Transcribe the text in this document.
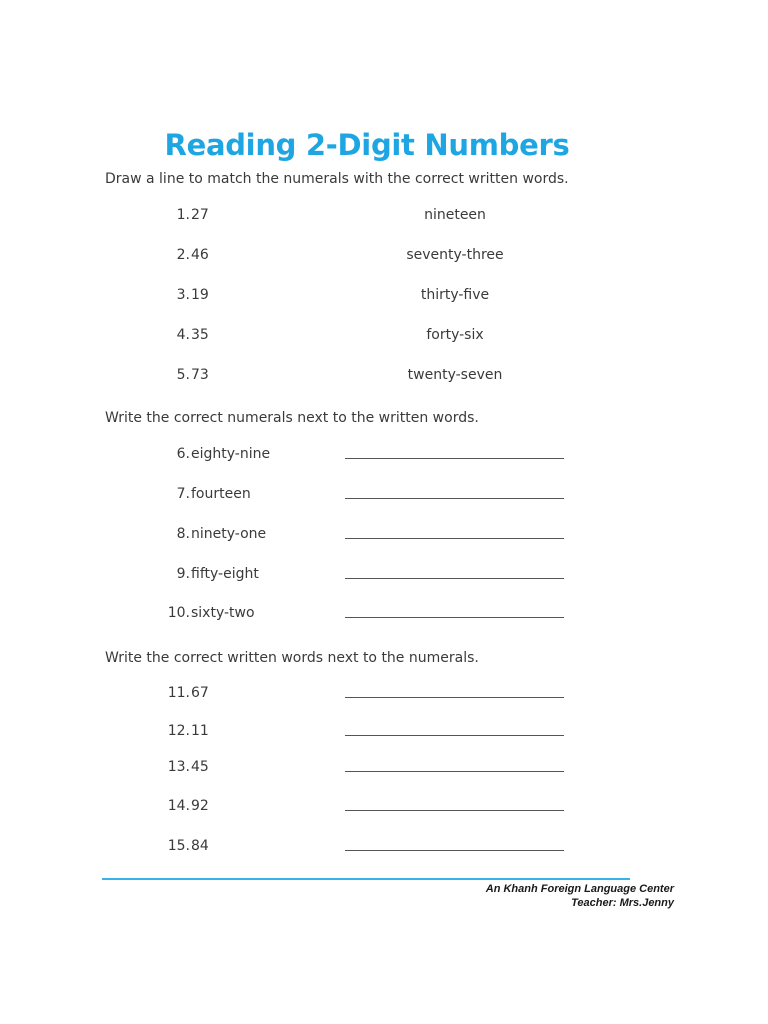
Reading 2-Digit Numbers
Draw a line to match the numerals with the correct written words.
1. 27	nineteen
2. 46	seventy-three
3. 19	thirty-five
4. 35	forty-six
5. 73	twenty-seven
Write the correct numerals next to the written words.
6. eighty-nine
7. fourteen
8. ninety-one
9. fifty-eight
10. sixty-two
Write the correct written words next to the numerals.
11. 67
12. 11
13. 45
14. 92
15. 84
An Khanh Foreign Language Center
Teacher: Mrs.Jenny
